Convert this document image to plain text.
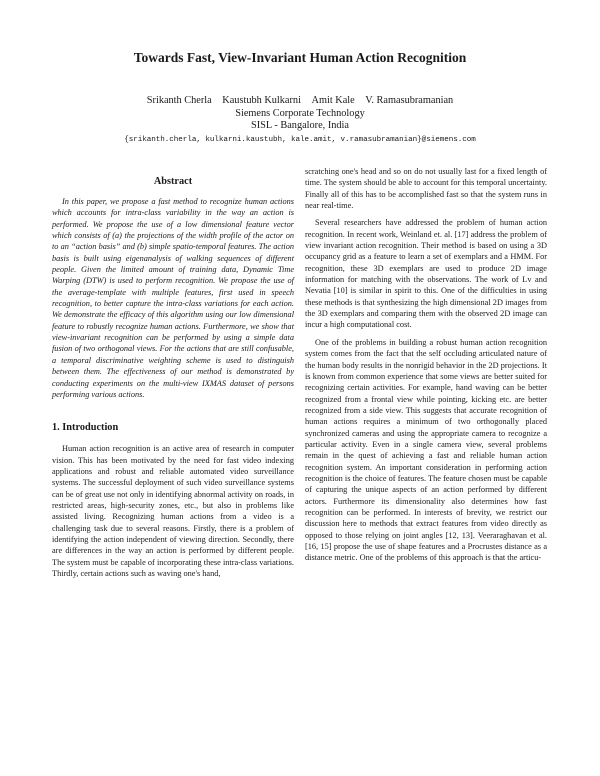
Towards Fast, View-Invariant Human Action Recognition
Srikanth Cherla Kaustubh Kulkarni Amit Kale V. Ramasubramanian
Siemens Corporate Technology
SISL - Bangalore, India
{srikanth.cherla, kulkarni.kaustubh, kale.amit, v.ramasubramanian}@siemens.com
Abstract

In this paper, we propose a fast method to recognize human actions which accounts for intra-class variability in the way an action is performed. We propose the use of a low dimensional feature vector which consists of (a) the projections of the width profile of the actor on to an “action basis” and (b) simple spatio-temporal features. The action basis is built using eigenanalysis of walking sequences of different people. Given the limited amount of training data, Dynamic Time Warping (DTW) is used to perform recognition. We propose the use of the average-template with multiple features, first used in speech recognition, to better capture the intra-class variations for each action. We demonstrate the efficacy of this algorithm using our low dimensional feature to robustly recognize human actions. Furthermore, we show that view-invariant recognition can be performed by using a simple data fusion of two orthogonal views. For the actions that are still confusable, a temporal discriminative weighting scheme is used to distinguish between them. The effectiveness of our method is demonstrated by conducting experiments on the multi-view IXMAS dataset of persons performing various actions.

1. Introduction

Human action recognition is an active area of research in computer vision. This has been motivated by the need for fast video indexing applications and robust and reliable automated video surveillance systems. The successful deployment of such video surveillance systems can be of great use not only in identifying abnormal activity on roads, in restricted areas, high-security zones, etc., but also in problems like assisted living. Recognizing human actions from a video is a challenging task due to several reasons. Firstly, there is a problem of identifying the action independent of viewing direction. Secondly, there are differences in the way an action is performed by different people. The system must be capable of incorporating these intra-class variations. Thirdly, certain actions such as waving one's hand,

scratching one's head and so on do not usually last for a fixed length of time. The system should be able to account for this temporal uncertainty. Finally all of this has to be accomplished fast so that the system runs in near real-time.

Several researchers have addressed the problem of human action recognition. In recent work, Weinland et. al. [17] address the problem of view invariant action recognition. Their method is based on using a 3D occupancy grid as a feature to learn a set of exemplars and a HMM. For recognition, these 3D exemplars are used to produce 2D image information for matching with the observations. The work of Lv and Nevatia [10] is similar in spirit to this. One of the difficulties in using these methods is that synthesizing the high dimensional 2D images from the 3D exemplars and comparing them with the observed 2D image can incur a high computational cost.

One of the problems in building a robust human action recognition system comes from the fact that the self occluding articulated nature of the human body results in the nonrigid behavior in the 2D projections. It is known from common experience that some views are better suited for recognizing certain activities. For example, hand waving can be better recognized from a frontal view while pointing, kicking etc. are better recognized from a side view. This suggests that accurate recognition of human actions requires a minimum of two orthogonally placed synchronized cameras and using the appropriate camera to recognize a particular activity. Even in a single camera view, several problems remain in the quest of achieving a fast and reliable human action recognition system. An important consideration in performing action recognition is the choice of features. The feature chosen must be capable of capturing the unique aspects of an action performed by different actors. Furthermore its dimensionality also determines how fast recognition can be performed. In interests of brevity, we restrict our discussion here to methods that extract features from video directly as opposed to those relying on joint angles [12, 13]. Veeraraghavan et al.[16, 15] propose the use of shape features and a Procrustes distance as a distance metric. One of the problems of this approach is that the articu-
